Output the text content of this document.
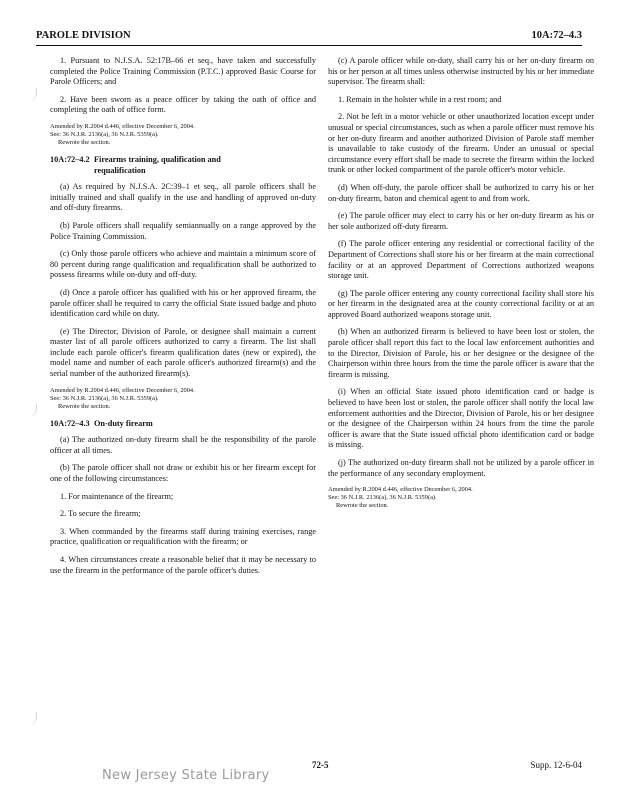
PAROLE DIVISION	10A:72–4.3

1. Pursuant to N.J.S.A. 52:17B–66 et seq., have taken and successfully completed the Police Training Commission (P.T.C.) approved Basic Course for Parole Officers; and

2. Have been sworn as a peace officer by taking the oath of office and completing the oath of office form.

Amended by R.2004 d.446, effective December 6, 2004.
See: 36 N.J.R. 2136(a), 36 N.J.R. 5359(a).
Rewrote the section.
10A:72–4.2 Firearms training, qualification and
requalification

(a) As required by N.J.S.A. 2C:39–1 et seq., all parole officers shall be initially trained and shall qualify in the use and handling of approved on-duty and off-duty firearms.

(b) Parole officers shall requalify semiannually on a range approved by the Police Training Commission.

(c) Only those parole officers who achieve and maintain a minimum score of 80 percent during range qualification and requalification shall be authorized to possess firearms while on-duty and off-duty.

(d) Once a parole officer has qualified with his or her approved firearm, the parole officer shall be required to carry the official State issued badge and photo identification card while on duty.

(e) The Director, Division of Parole, or designee shall maintain a current master list of all parole officers authorized to carry a firearm. The list shall include each parole officer's firearm qualification dates (new or expired), the model name and number of each parole officer's authorized firearm(s) and the serial number of the authorized firearm(s).

Amended by R.2004 d.446, effective December 6, 2004.
See: 36 N.J.R. 2136(a), 36 N.J.R. 5359(a).
Rewrote the section.
10A:72–4.3 On-duty firearm

(a) The authorized on-duty firearm shall be the responsibility of the parole officer at all times.

(b) The parole officer shall not draw or exhibit his or her firearm except for one of the following circumstances:

1. For maintenance of the firearm;

2. To secure the firearm;

3. When commanded by the firearms staff during training exercises, range practice, qualification or requalification with the firearm; or

4. When circumstances create a reasonable belief that it may be necessary to use the firearm in the performance of the parole officer's duties.

(c) A parole officer while on-duty, shall carry his or her on-duty firearm on his or her person at all times unless otherwise instructed by his or her immediate supervisor. The firearm shall:

1. Remain in the holster while in a rest room; and

2. Not be left in a motor vehicle or other unauthorized location except under unusual or special circumstances, such as when a parole officer must remove his or her on-duty firearm and another authorized Division of Parole staff member is unavailable to take custody of the firearm. Under an unusual or special circumstance every effort shall be made to secrete the firearm within the locked trunk or other locked compartment of the parole officer's motor vehicle.

(d) When off-duty, the parole officer shall be authorized to carry his or her on-duty firearm, baton and chemical agent to and from work.

(e) The parole officer may elect to carry his or her on-duty firearm as his or her sole authorized off-duty firearm.

(f) The parole officer entering any residential or correctional facility of the Department of Corrections shall store his or her firearm at the main correctional facility or at an approved Department of Corrections authorized weapons storage unit.

(g) The parole officer entering any county correctional facility shall store his or her firearm in the designated area at the county correctional facility or at an approved Board authorized weapons storage unit.

(h) When an authorized firearm is believed to have been lost or stolen, the parole officer shall report this fact to the local law enforcement authorities and to the Director, Division of Parole, his or her designee or the designee of the Chairperson within three hours from the time the parole officer is aware that the firearm is missing.

(i) When an official State issued photo identification card or badge is believed to have been lost or stolen, the parole officer shall notify the local law enforcement authorities and the Director, Division of Parole, his or her designee or the designee of the Chairperson within 24 hours from the time the parole officer is aware that the State issued official photo identification card or badge is missing.

(j) The authorized on-duty firearm shall not be utilized by a parole officer in the performance of any secondary employment.

Amended by R.2004 d.446, effective December 6, 2004.
See: 36 N.J.R. 2136(a), 36 N.J.R. 5359(a).
Rewrote the section.
72-5	Supp. 12-6-04
New Jersey State Library
